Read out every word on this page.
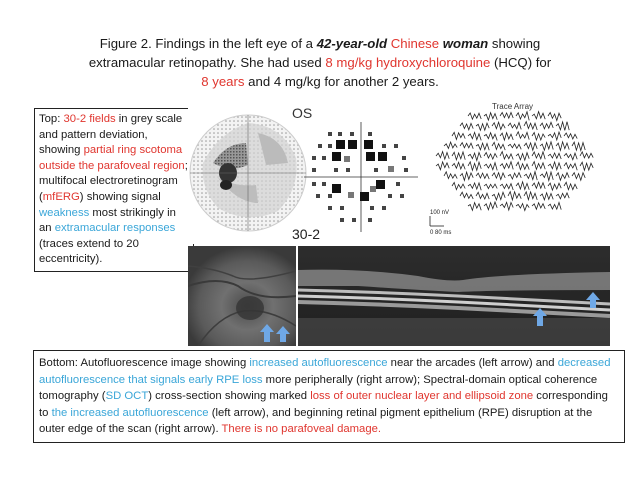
Figure 2. Findings in the left eye of a 42-year-old Chinese woman showing
extramacular retinopathy. She had used 8 mg/kg hydroxychloroquine (HCQ) for
8 years and 4 mg/kg for another 2 years.
Top: 30-2 fields in grey scale and pattern deviation, showing partial ring scotoma outside the parafoveal region; multifocal electroretinogram (mfERG) showing signal weakness most strikingly in an extramacular responses (traces extend to 20 eccentricity).
OS
30-2
Trace Array
100 nV
0 80 ms
Bottom: Autofluorescence image showing increased autofluorescence near the arcades (left arrow) and decreased autofluorescence that signals early RPE loss more peripherally (right arrow); Spectral-domain optical coherence tomography (SD OCT) cross-section showing marked loss of outer nuclear layer and ellipsoid zone corresponding to the increased autofluorescence (left arrow), and beginning retinal pigment epithelium (RPE) disruption at the outer edge of the scan (right arrow). There is no parafoveal damage.
